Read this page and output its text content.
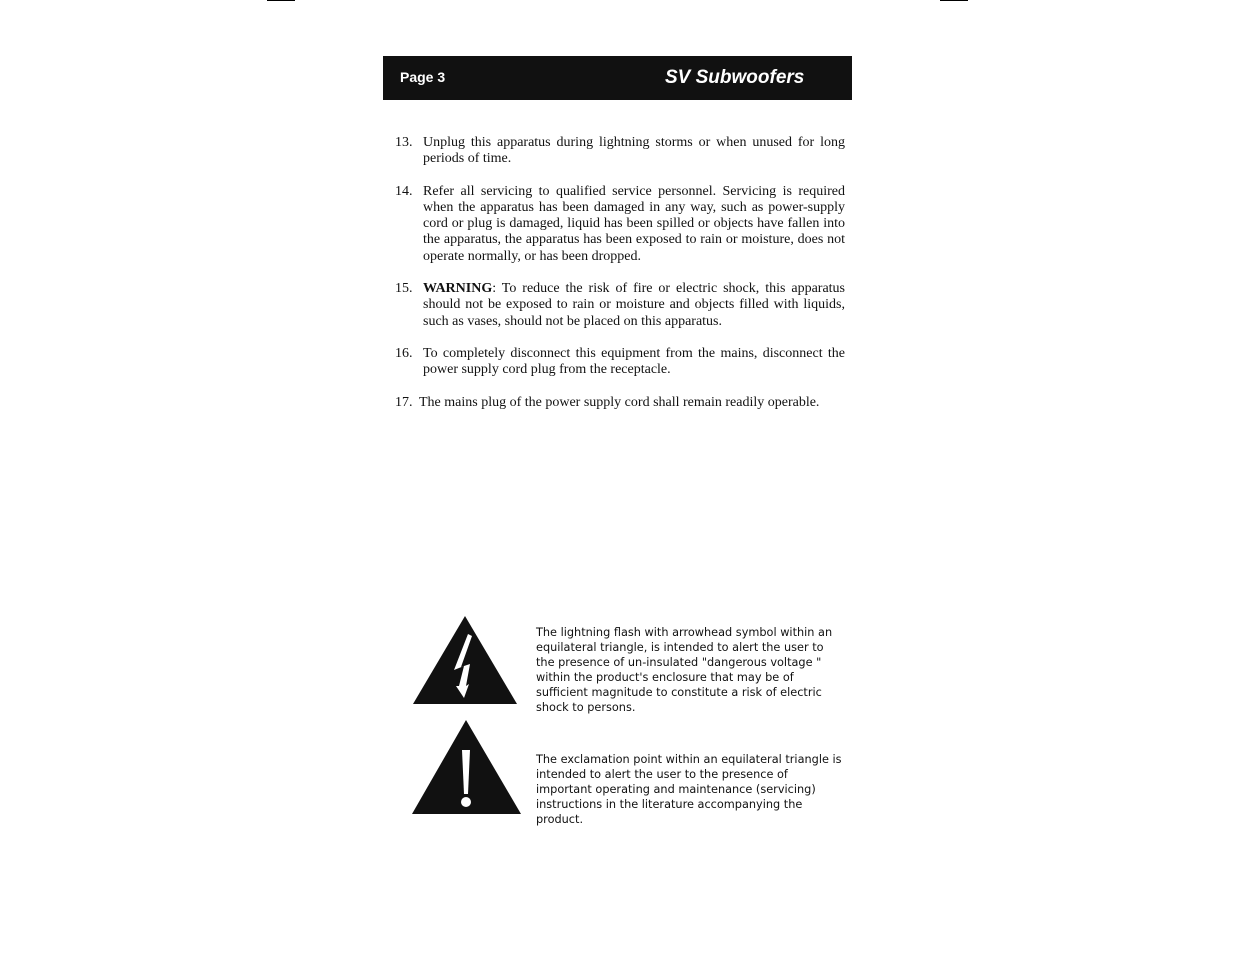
Page 3	SV Subwoofers
13. Unplug this apparatus during lightning storms or when unused for long periods of time.
14. Refer all servicing to qualified service personnel. Servicing is required when the apparatus has been damaged in any way, such as power-supply cord or plug is damaged, liquid has been spilled or objects have fallen into the apparatus, the apparatus has been exposed to rain or moisture, does not operate normally, or has been dropped.
15. WARNING: To reduce the risk of fire or electric shock, this apparatus should not be exposed to rain or moisture and objects filled with liquids, such as vases, should not be placed on this apparatus.
16. To completely disconnect this equipment from the mains, disconnect the power supply cord plug from the receptacle.
17. The mains plug of the power supply cord shall remain readily operable.

The lightning flash with arrowhead symbol within an equilateral triangle, is intended to alert the user to the presence of un-insulated "dangerous voltage " within the product's enclosure that may be of sufficient magnitude to constitute a risk of electric shock to persons.

The exclamation point within an equilateral triangle is intended to alert the user to the presence of important operating and maintenance (servicing) instructions in the literature accompanying the product.
